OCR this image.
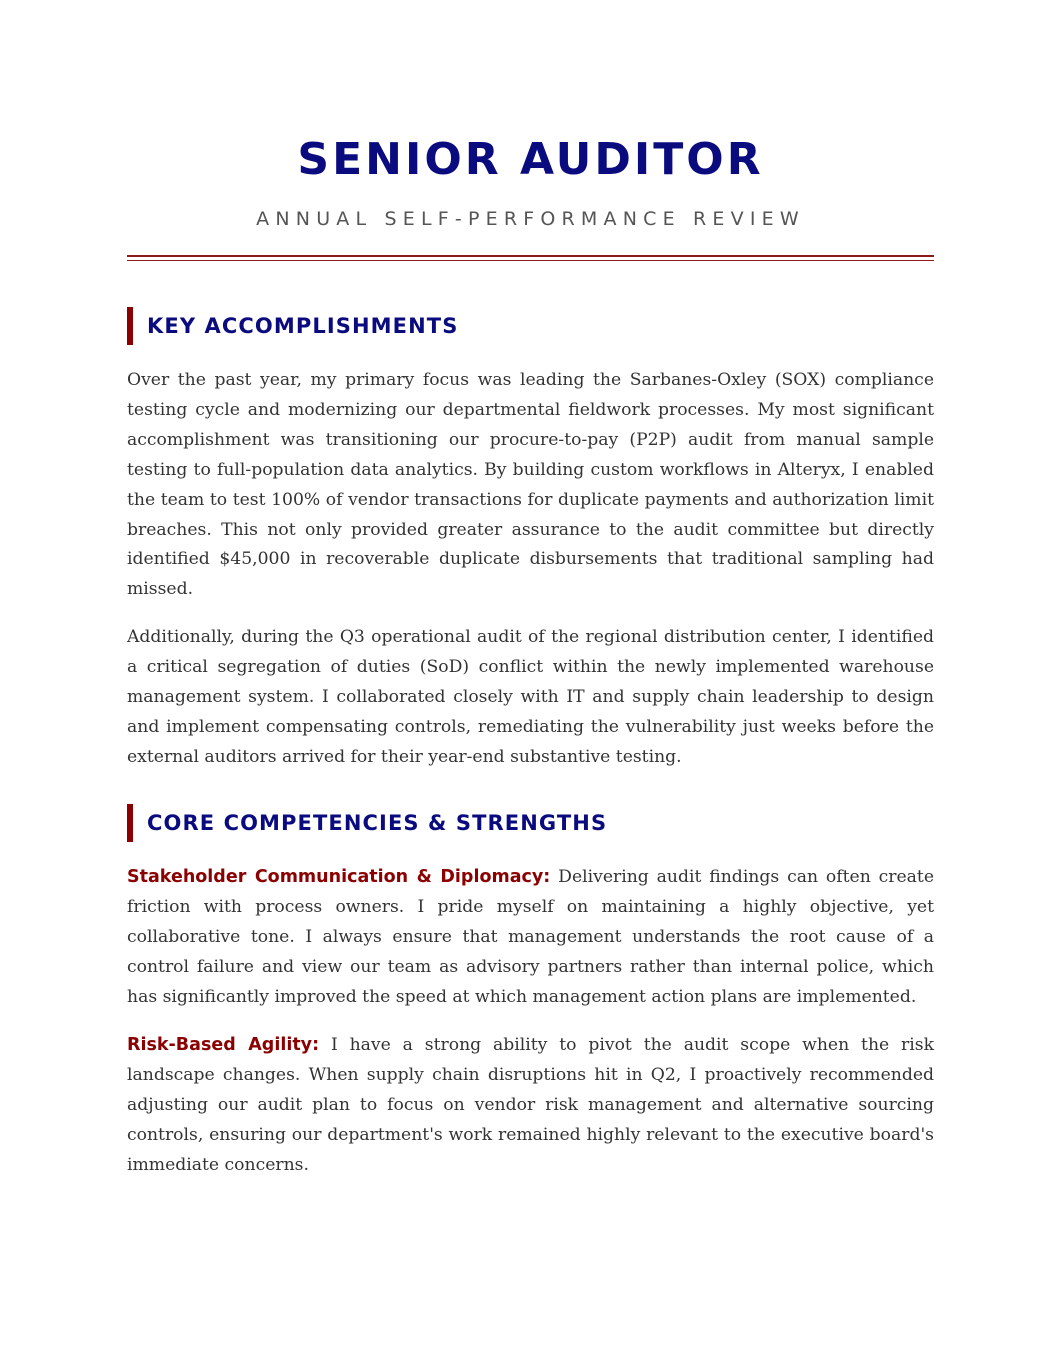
SENIOR AUDITOR
ANNUAL SELF-PERFORMANCE REVIEW
KEY ACCOMPLISHMENTS

Over the past year, my primary focus was leading the Sarbanes-Oxley (SOX) compliance testing cycle and modernizing our departmental fieldwork processes. My most significant accomplishment was transitioning our procure-to-pay (P2P) audit from manual sample testing to full-population data analytics. By building custom workflows in Alteryx, I enabled the team to test 100% of vendor transactions for duplicate payments and authorization limit breaches. This not only provided greater assurance to the audit committee but directly identified $45,000 in recoverable duplicate disbursements that traditional sampling had missed.

Additionally, during the Q3 operational audit of the regional distribution center, I identified a critical segregation of duties (SoD) conflict within the newly implemented warehouse management system. I collaborated closely with IT and supply chain leadership to design and implement compensating controls, remediating the vulnerability just weeks before the external auditors arrived for their year-end substantive testing.

CORE COMPETENCIES & STRENGTHS

Stakeholder Communication & Diplomacy: Delivering audit findings can often create friction with process owners. I pride myself on maintaining a highly objective, yet collaborative tone. I always ensure that management understands the root cause of a control failure and view our team as advisory partners rather than internal police, which has significantly improved the speed at which management action plans are implemented.

Risk-Based Agility: I have a strong ability to pivot the audit scope when the risk landscape changes. When supply chain disruptions hit in Q2, I proactively recommended adjusting our audit plan to focus on vendor risk management and alternative sourcing controls, ensuring our department's work remained highly relevant to the executive board's immediate concerns.
